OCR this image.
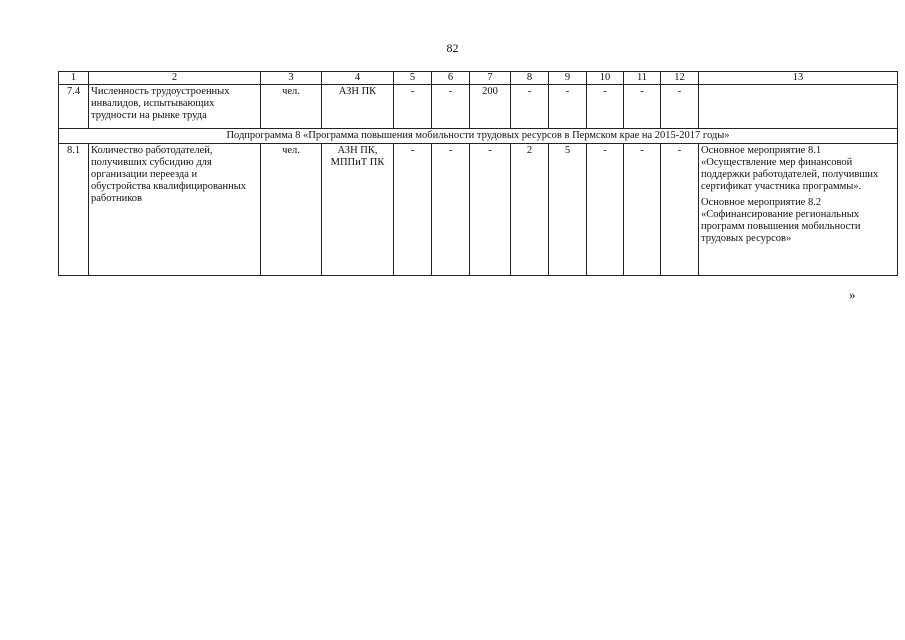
82
1	2	3	4	5	6	7	8	9	10	11	12	13
7.4	Численность трудоустроенных инвалидов, испытывающих трудности на рынке труда	чел.	АЗН ПК	-	-	200	-	-	-	-	-	
Подпрограмма 8 «Программа повышения мобильности трудовых ресурсов в Пермском крае на 2015-2017 годы»												
8.1	Количество работодателей, получивших субсидию для организации переезда и обустройства квалифицированных работников	чел.	АЗН ПК, МППиТ ПК	-	-	-	2	5	-	-	-	Основное мероприятие 8.1 «Осуществление мер финансовой поддержки работодателей, получивших сертификат участника программы».

Основное мероприятие 8.2 «Софинансирование региональных программ повышения мобильности трудовых ресурсов»

»
